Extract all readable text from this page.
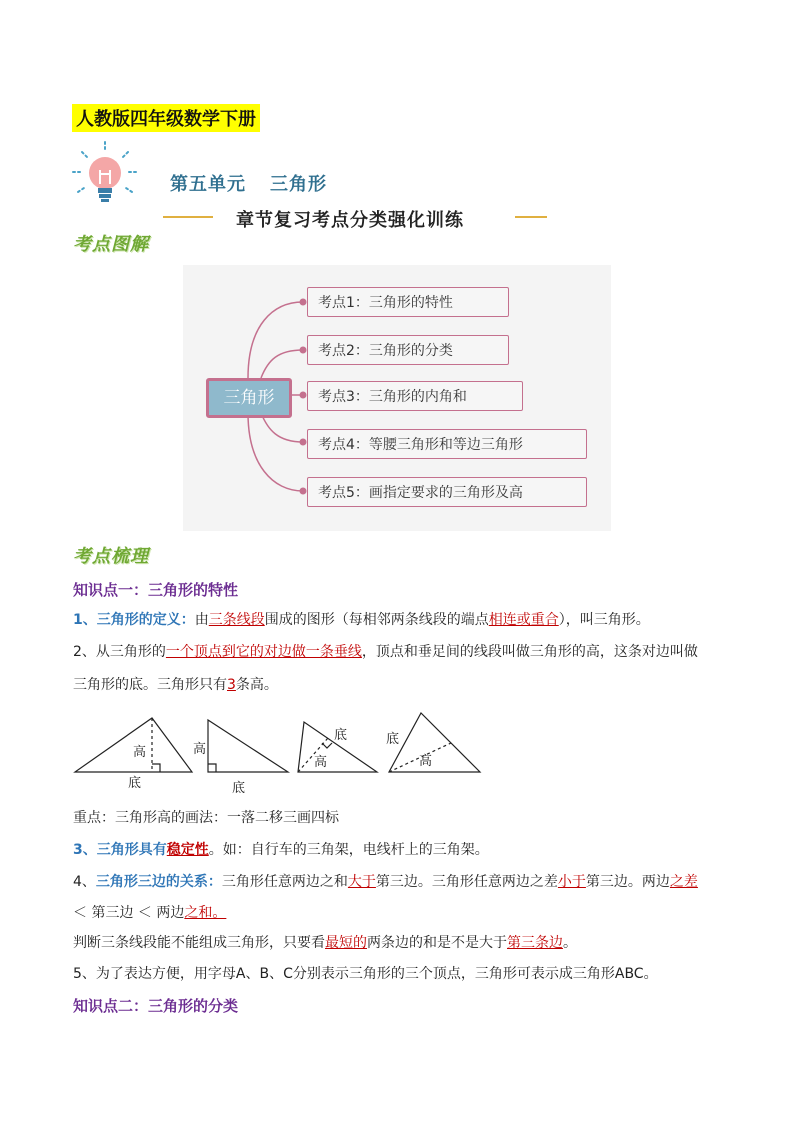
人教版四年级数学下册
第五单元 三角形
章节复习考点分类强化训练
考点图解
三角形
考点1：三角形的特性
考点2：三角形的分类
考点3：三角形的内角和
考点4：等腰三角形和等边三角形
考点5：画指定要求的三角形及高
考点梳理
知识点一：三角形的特性
1、三角形的定义：由三条线段围成的图形（每相邻两条线段的端点相连或重合），叫三角形。
2、从三角形的一个顶点到它的对边做一条垂线，顶点和垂足间的线段叫做三角形的高，这条对边叫做
三角形的底。三角形只有3条高。
高
底
高
底
底
高
底
高
重点：三角形高的画法：一落二移三画四标
3、三角形具有稳定性。如：自行车的三角架，电线杆上的三角架。
4、三角形三边的关系：三角形任意两边之和大于第三边。三角形任意两边之差小于第三边。两边之差
＜ 第三边 ＜ 两边之和。
判断三条线段能不能组成三角形，只要看最短的两条边的和是不是大于第三条边。
5、为了表达方便，用字母A、B、C分别表示三角形的三个顶点，三角形可表示成三角形ABC。
知识点二：三角形的分类
